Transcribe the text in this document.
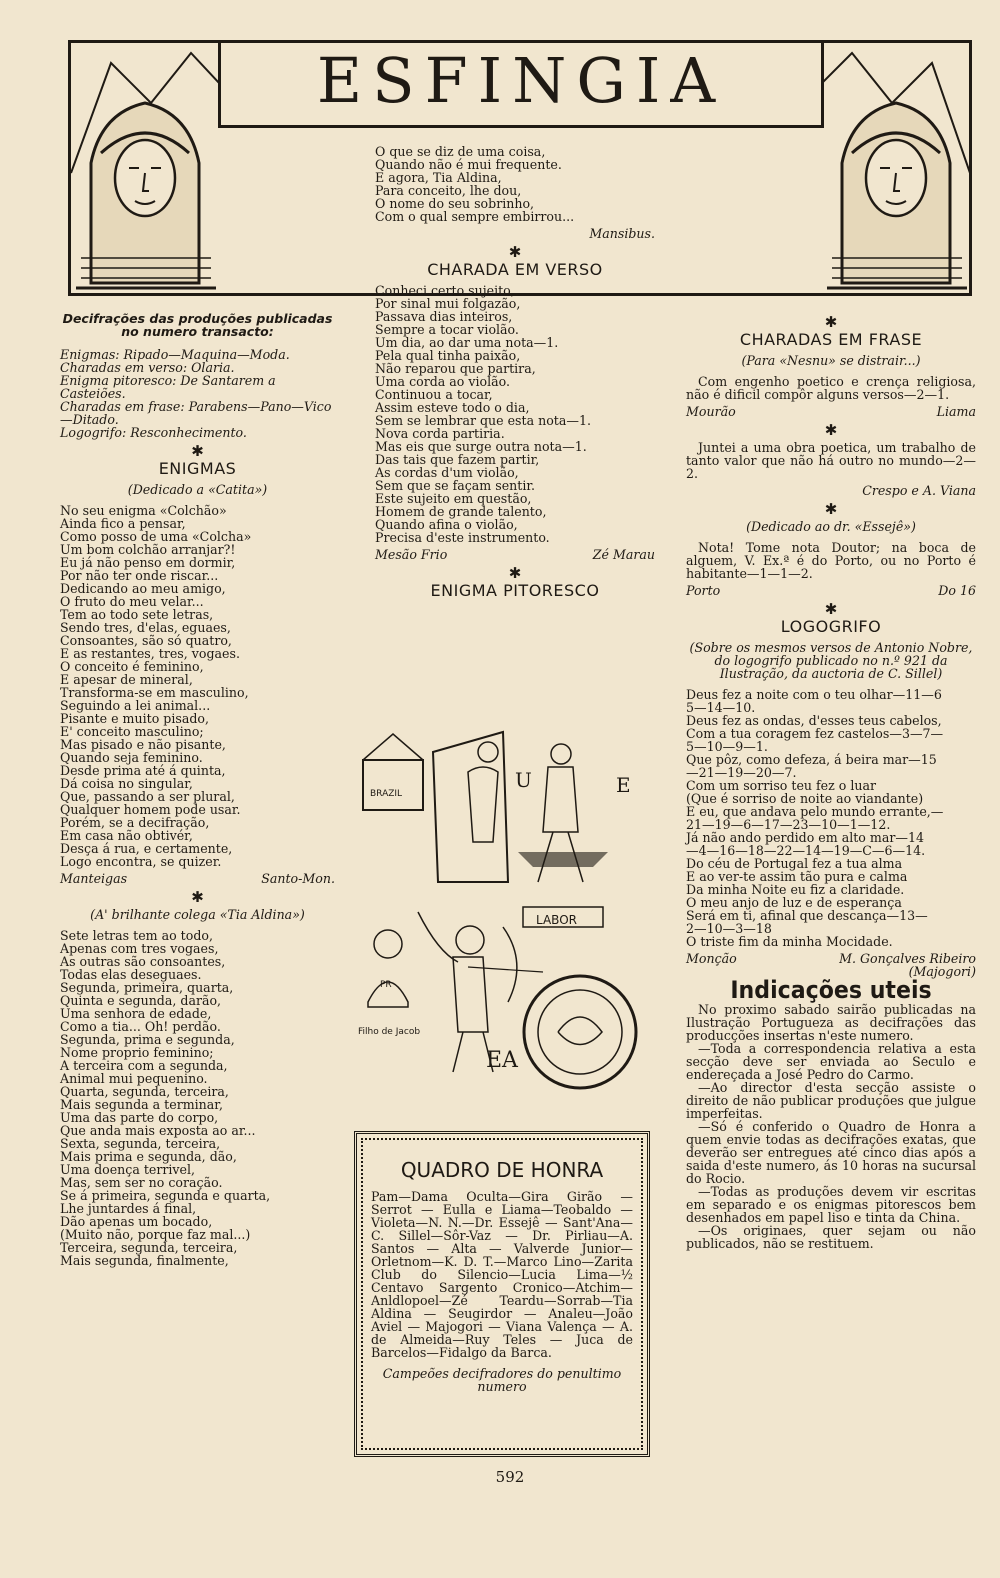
ESFINGIA
Decifrações das produções publicadas no numero transacto:

Enigmas: Ripado—Maquina—Moda.

Charadas em verso: Olaria.

Enigma pitoresco: De Santarem a Casteiões.

Charadas em frase: Parabens—Pano—Vico—Ditado.

Logogrifo: Resconhecimento.

✱
ENIGMAS
(Dedicado a «Catita»)

No seu enigma «Colchão»
Ainda fico a pensar,
Como posso de uma «Colcha»
Um bom colchão arranjar?!

Eu já não penso em dormir,
Por não ter onde riscar...
Dedicando ao meu amigo,
O fruto do meu velar...

Tem ao todo sete letras,
Sendo tres, d'elas, eguaes,
Consoantes, são só quatro,
E as restantes, tres, vogaes.

O conceito é feminino,
E apesar de mineral,
Transforma-se em masculino,
Seguindo a lei animal...

Pisante e muito pisado,
E' conceito masculino;
Mas pisado e não pisante,
Quando seja feminino.

Desde prima até á quinta,
Dá coisa no singular,
Que, passando a ser plural,
Qualquer homem pode usar.

Porém, se a decifração,
Em casa não obtivér,
Desça á rua, e certamente,
Logo encontra, se quizer.

Manteigas	Santo-Mon.
✱
(A' brilhante colega «Tia Aldina»)

Sete letras tem ao todo,
Apenas com tres vogaes,
As outras são consoantes,
Todas elas deseguaes.

Segunda, primeira, quarta,
Quinta e segunda, darão,
Uma senhora de edade,
Como a tia... Oh! perdão.

Segunda, prima e segunda,
Nome proprio feminino;
A terceira com a segunda,
Animal mui pequenino.

Quarta, segunda, terceira,
Mais segunda a terminar,
Uma das parte do corpo,
Que anda mais exposta ao ar...

Sexta, segunda, terceira,
Mais prima e segunda, dão,
Uma doença terrivel,
Mas, sem ser no coração.

Se á primeira, segunda e quarta,
Lhe juntardes á final,
Dão apenas um bocado,
(Muito não, porque faz mal...)

Terceira, segunda, terceira,
Mais segunda, finalmente,

O que se diz de uma coisa,
Quando não é mui frequente.

E agora, Tia Aldina,
Para conceito, lhe dou,
O nome do seu sobrinho,
Com o qual sempre embirrou...

Mansibus.
✱
CHARADA EM VERSO

Conheci certo sujeito,
Por sinal mui folgazão,
Passava dias inteiros,
Sempre a tocar violão.

Um dia, ao dar uma nota—1.
Pela qual tinha paixão,
Não reparou que partira,
Uma corda ao violão.

Continuou a tocar,
Assim esteve todo o dia,
Sem se lembrar que esta nota—1.
Nova corda partiria.

Mas eis que surge outra nota—1.
Das tais que fazem partir,
As cordas d'um violão,
Sem que se façam sentir.

Este sujeito em questão,
Homem de grande talento,
Quando afina o violão,
Precisa d'este instrumento.

Mesão Frio	Zé Marau
✱
ENIGMA PITORESCO
BRAZIL
U	E
LABOR
PR
Filho de Jacob
EA
QUADRO DE HONRA

Pam—Dama Oculta—Gira Girão — Serrot — Eulla e Liama—Teobaldo — Violeta—N. N.—Dr. Essejê — Sant'Ana—C. Sillel—Sôr-Vaz — Dr. Pirliau—A. Santos — Alta — Valverde Junior—Orletnom—K. D. T.—Marco Lino—Zarita Club do Silencio—Lucia Lima—½ Centavo Sargento Cronico—Atchim—Anldlopoel—Zé Teardu—Sorrab—Tia Aldina — Seugirdor — Analeu—João Aviel — Majogori — Viana Valença — A. de Almeida—Ruy Teles — Juca de Barcelos—Fidalgo da Barca.

Campeões decifradores do penultimo numero

✱
CHARADAS EM FRASE
(Para «Nesnu» se distrair...)

Com engenho poetico e crença religiosa, não é dificil compôr alguns versos—2—1.

Mourão	Liama
✱

Juntei a uma obra poetica, um trabalho de tanto valor que não há outro no mundo—2—2.

Crespo e A. Viana
✱
(Dedicado ao dr. «Essejê»)

Nota! Tome nota Doutor; na boca de alguem, V. Ex.ª é do Porto, ou no Porto é habitante—1—1—2.

Porto	Do 16
✱
LOGOGRIFO
(Sobre os mesmos versos de Antonio Nobre, do logogrifo publicado no n.º 921 da Ilustração, da auctoria de C. Sillel)

Deus fez a noite com o teu olhar—11—6
5—14—10.
Deus fez as ondas, d'esses teus cabelos,
Com a tua coragem fez castelos—3—7—
5—10—9—1.
Que pôz, como defeza, á beira mar—15
—21—19—20—7.

Com um sorriso teu fez o luar
(Que é sorriso de noite ao viandante)
E eu, que andava pelo mundo errante,—
21—19—6—17—23—10—1—12.
Já não ando perdido em alto mar—14
—4—16—18—22—14—19—C—6—14.
Do céu de Portugal fez a tua alma
E ao ver-te assim tão pura e calma
Da minha Noite eu fiz a claridade.
O meu anjo de luz e de esperança
Será em ti, afinal que descança—13—
2—10—3—18
O triste fim da minha Mocidade.

Monção	M. Gonçalves Ribeiro (Majogori)
Indicações uteis

No proximo sabado sairão publicadas na Ilustração Portugueza as decifrações das producções insertas n'este numero.

—Toda a correspondencia relativa a esta secção deve ser enviada ao Seculo e endereçada a José Pedro do Carmo.

—Ao director d'esta secção assiste o direito de não publicar produções que julgue imperfeitas.

—Só é conferido o Quadro de Honra a quem envie todas as decifrações exatas, que deverão ser entregues até cinco dias após a saida d'este numero, ás 10 horas na sucursal do Rocio.

—Todas as produções devem vir escritas em separado e os enigmas pitorescos bem desenhados em papel liso e tinta da China.

—Os originaes, quer sejam ou não publicados, não se restituem.

592
